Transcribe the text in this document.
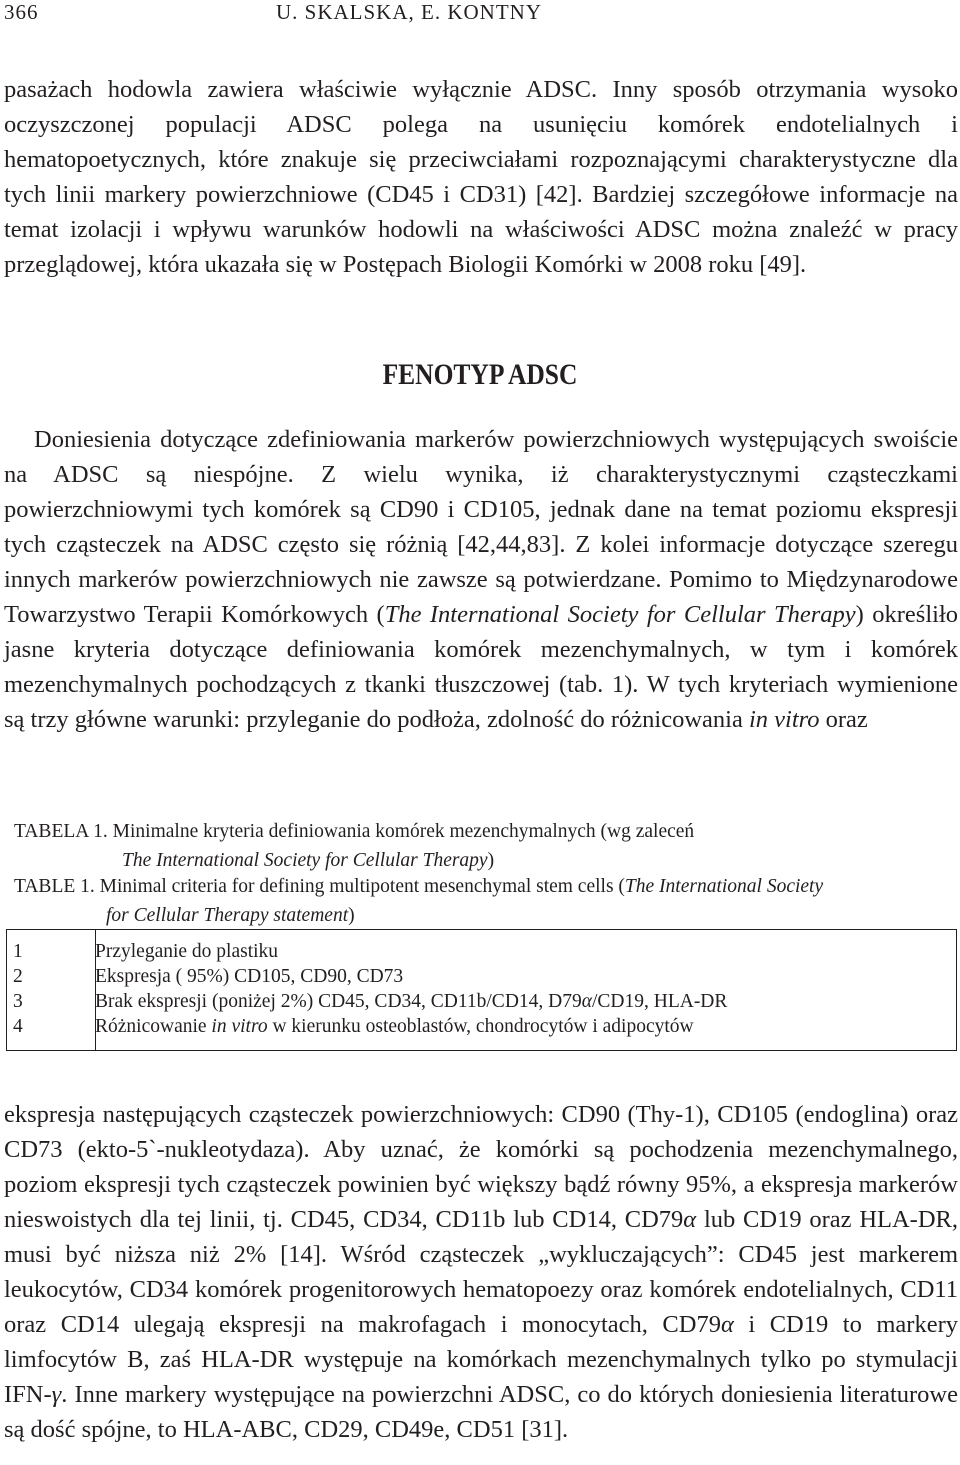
366	U. SKALSKA, E. KONTNY

pasażach hodowla zawiera właściwie wyłącznie ADSC. Inny sposób otrzymania wysoko oczyszczonej populacji ADSC polega na usunięciu komórek endotelialnych i hematopoetycznych, które znakuje się przeciwciałami rozpoznającymi charakterystyczne dla tych linii markery powierzchniowe (CD45 i CD31) [42]. Bardziej szczegółowe informacje na temat izolacji i wpływu warunków hodowli na właściwości ADSC można znaleźć w pracy przeglądowej, która ukazała się w Postępach Biologii Komórki w 2008 roku [49].

FENOTYP ADSC

Doniesienia dotyczące zdefiniowania markerów powierzchniowych występujących swoiście na ADSC są niespójne. Z wielu wynika, iż charakterystycznymi cząsteczkami powierzchniowymi tych komórek są CD90 i CD105, jednak dane na temat poziomu ekspresji tych cząsteczek na ADSC często się różnią [42,44,83]. Z kolei informacje dotyczące szeregu innych markerów powierzchniowych nie zawsze są potwierdzane. Pomimo to Międzynarodowe Towarzystwo Terapii Komórkowych (The International Society for Cellular Therapy) określiło jasne kryteria dotyczące definiowania komórek mezenchymalnych, w tym i komórek mezenchymalnych pochodzących z tkanki tłuszczowej (tab. 1). W tych kryteriach wymienione są trzy główne warunki: przyleganie do podłoża, zdolność do różnicowania in vitro oraz

TABELA 1. Minimalne kryteria definiowania komórek mezenchymalnych (wg zaleceń
The International Society for Cellular Therapy)
TABLE 1. Minimal criteria for defining multipotent mesenchymal stem cells (The International Society
for Cellular Therapy statement)
1	Przyleganie do plastiku
2	Ekspresja ( 95%) CD105, CD90, CD73
3	Brak ekspresji (poniżej 2%) CD45, CD34, CD11b/CD14, D79α/CD19, HLA-DR
4	Różnicowanie in vitro w kierunku osteoblastów, chondrocytów i adipocytów

ekspresja następujących cząsteczek powierzchniowych: CD90 (Thy-1), CD105 (endoglina) oraz CD73 (ekto-5`-nukleotydaza). Aby uznać, że komórki są pochodzenia mezenchymalnego, poziom ekspresji tych cząsteczek powinien być większy bądź równy 95%, a ekspresja markerów nieswoistych dla tej linii, tj. CD45, CD34, CD11b lub CD14, CD79α lub CD19 oraz HLA-DR, musi być niższa niż 2% [14]. Wśród cząsteczek „wykluczających”: CD45 jest markerem leukocytów, CD34 komórek progenitorowych hematopoezy oraz komórek endotelialnych, CD11 oraz CD14 ulegają ekspresji na makrofagach i monocytach, CD79α i CD19 to markery limfocytów B, zaś HLA-DR występuje na komórkach mezenchymalnych tylko po stymulacji IFN-γ. Inne markery występujące na powierzchni ADSC, co do których doniesienia literaturowe są dość spójne, to HLA-ABC, CD29, CD49e, CD51 [31].
